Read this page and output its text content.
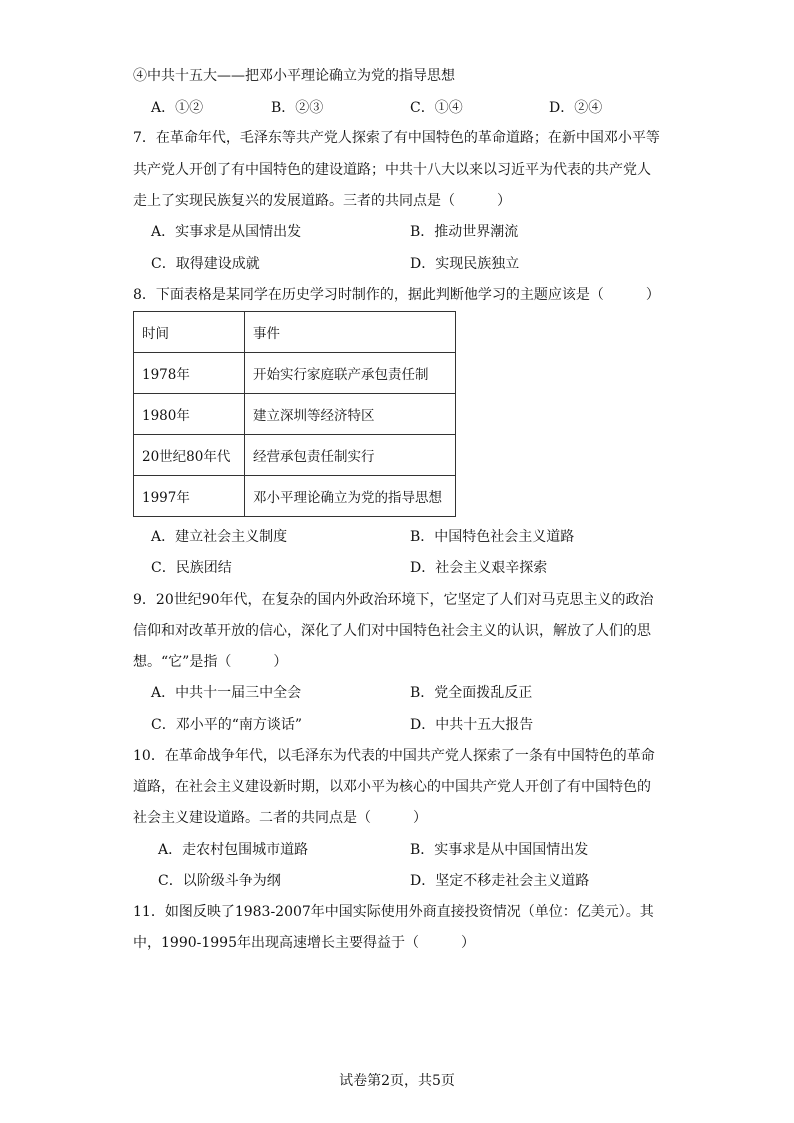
④中共十五大——把邓小平理论确立为党的指导思想
A．①②	B．②③	C．①④	D．②④
7．在革命年代，毛泽东等共产党人探索了有中国特色的革命道路；在新中国邓小平等
共产党人开创了有中国特色的建设道路；中共十八大以来以习近平为代表的共产党人
走上了实现民族复兴的发展道路。三者的共同点是（　　　）
A．实事求是从国情出发	B．推动世界潮流
C．取得建设成就	D．实现民族独立
8．下面表格是某同学在历史学习时制作的，据此判断他学习的主题应该是（　　　）
时间	事件
1978年	开始实行家庭联产承包责任制
1980年	建立深圳等经济特区
20世纪80年代	经营承包责任制实行
1997年	邓小平理论确立为党的指导思想
A．建立社会主义制度	B．中国特色社会主义道路
C．民族团结	D．社会主义艰辛探索
9．20世纪90年代，在复杂的国内外政治环境下，它坚定了人们对马克思主义的政治
信仰和对改革开放的信心，深化了人们对中国特色社会主义的认识，解放了人们的思
想。“它”是指（　　　）
A．中共十一届三中全会	B．党全面拨乱反正
C．邓小平的“南方谈话”	D．中共十五大报告
10．在革命战争年代，以毛泽东为代表的中国共产党人探索了一条有中国特色的革命
道路，在社会主义建设新时期，以邓小平为核心的中国共产党人开创了有中国特色的
社会主义建设道路。二者的共同点是（　　　）
A．走农村包围城市道路	B．实事求是从中国国情出发
C．以阶级斗争为纲	D．坚定不移走社会主义道路
11．如图反映了1983-2007年中国实际使用外商直接投资情况（单位：亿美元）。其
中，1990-1995年出现高速增长主要得益于（　　　）
试卷第2页，共5页
